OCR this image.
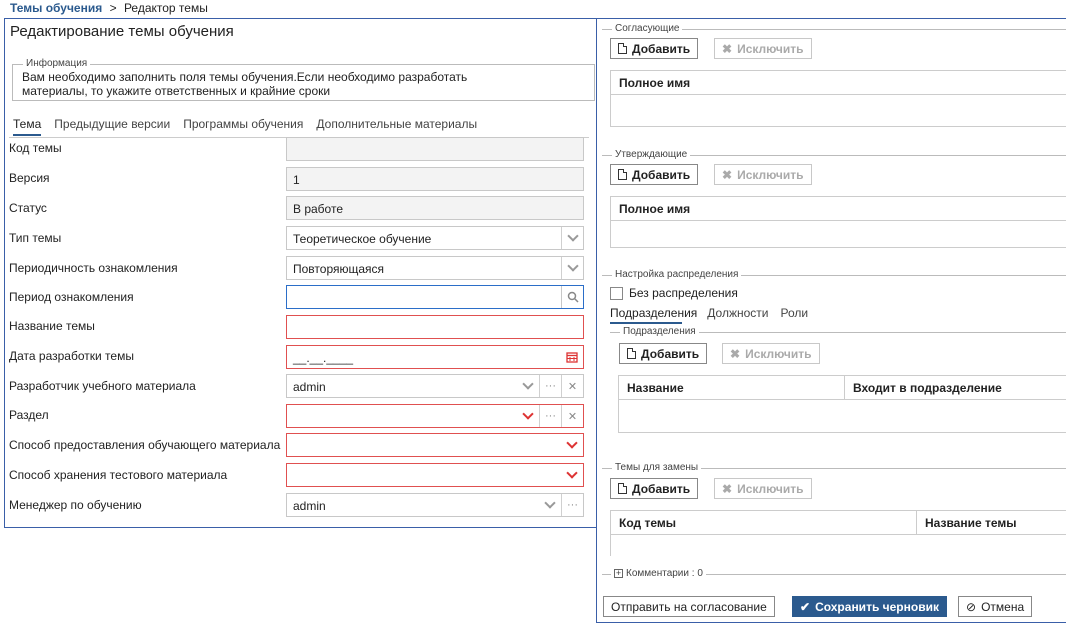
Темы обучения > Редактор темы
Редактирование темы обучения
Информация
Вам необходимо заполнить поля темы обучения.Если необходимо разработать материалы, то укажите ответственных и крайние сроки
Тема Предыдущие версии Программы обучения Дополнительные материалы
Код темы
Версия	1
Статус	В работе
Тип темы	Теоретическое обучение
Периодичность ознакомления	Повторяющаяся
Период ознакомления
Название темы
Дата разработки темы	__.__.____
Разработчик учебного материала	admin	···	✕
Раздел	···	✕
Способ предоставления обучающего материала
Способ хранения тестового материала
Менеджер по обучению	admin	···
Согласующие
Добавить	✖ Исключить
Полное имя
Утверждающие
Добавить	✖ Исключить
Полное имя
Настройка распределения
Без распределения
Подразделения Должности Роли
Подразделения
Добавить	✖ Исключить
Название	Входит в подразделение
Темы для замены
Добавить	✖ Исключить
Код темы	Название темы
+ Комментарии : 0
Отправить на согласование	✔ Сохранить черновик ⊘ Отмена
